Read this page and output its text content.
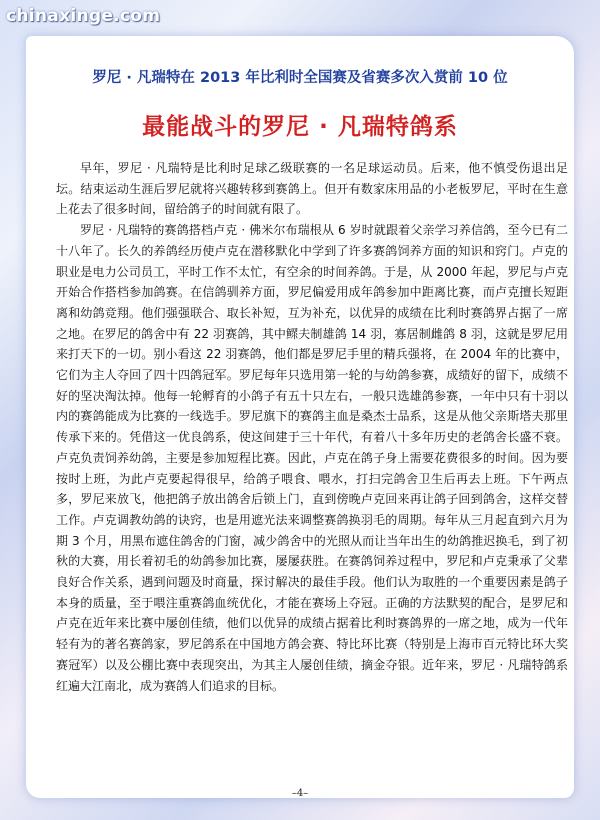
chinaxinge.com
罗尼 · 凡瑞特在 2013 年比利时全国赛及省赛多次入赏前 10 位
最能战斗的罗尼 · 凡瑞特鸽系

早年，罗尼 · 凡瑞特是比利时足球乙级联赛的一名足球运动员。后来，他不慎受伤退出足坛。结束运动生涯后罗尼就将兴趣转移到赛鸽上。但开有数家床用品的小老板罗尼，平时在生意上花去了很多时间，留给鸽子的时间就有限了。

罗尼 · 凡瑞特的赛鸽搭档卢克 · 佛米尔布瑞根从 6 岁时就跟着父亲学习养信鸽，至今已有二十八年了。长久的养鸽经历使卢克在潜移默化中学到了许多赛鸽饲养方面的知识和窍门。卢克的职业是电力公司员工，平时工作不太忙，有空余的时间养鸽。于是，从 2000 年起，罗尼与卢克开始合作搭档参加鸽赛。在信鸽驯养方面，罗尼偏爱用成年鸽参加中距离比赛，而卢克擅长短距离和幼鸽竞翔。他们强强联合、取长补短，互为补充，以优异的成绩在比利时赛鸽界占据了一席之地。在罗尼的鸽舍中有 22 羽赛鸽，其中鳏夫制雄鸽 14 羽，寡居制雌鸽 8 羽，这就是罗尼用来打天下的一切。别小看这 22 羽赛鸽，他们都是罗尼手里的精兵强将，在 2004 年的比赛中，它们为主人夺回了四十四鸽冠军。罗尼每年只选用第一轮的与幼鸽参赛，成绩好的留下，成绩不好的坚决淘汰掉。他每一轮孵育的小鸽子有五十只左右，一般只选雄鸽参赛，一年中只有十羽以内的赛鸽能成为比赛的一线选手。罗尼旗下的赛鸽主血是桑杰士品系，这是从他父亲斯塔夫那里传承下来的。凭借这一优良鸽系，使这间建于三十年代，有着八十多年历史的老鸽舍长盛不衰。卢克负责饲养幼鸽，主要是参加短程比赛。因此，卢克在鸽子身上需要花费很多的时间。因为要按时上班，为此卢克要起得很早，给鸽子喂食、喂水，打扫完鸽舍卫生后再去上班。下午两点多，罗尼来放飞，他把鸽子放出鸽舍后锁上门，直到傍晚卢克回来再让鸽子回到鸽舍，这样交替工作。卢克调教幼鸽的诀窍，也是用遮光法来调整赛鸽换羽毛的周期。每年从三月起直到六月为期 3 个月，用黑布遮住鸽舍的门窗，减少鸽舍中的光照从而让当年出生的幼鸽推迟换毛，到了初秋的大赛，用长着初毛的幼鸽参加比赛，屡屡获胜。在赛鸽饲养过程中，罗尼和卢克秉承了父辈良好合作关系，遇到问题及时商量，探讨解决的最佳手段。他们认为取胜的一个重要因素是鸽子本身的质量，至于喂注重赛鸽血统优化，才能在赛场上夺冠。正确的方法默契的配合，是罗尼和卢克在近年来比赛中屡创佳绩，他们以优异的成绩占据着比利时赛鸽界的一席之地，成为一代年轻有为的著名赛鸽家，罗尼鸽系在中国地方鸽会赛、特比环比赛（特别是上海市百元特比环大奖赛冠军）以及公棚比赛中表现突出，为其主人屡创佳绩，摘金夺银。近年来，罗尼 · 凡瑞特鸽系红遍大江南北，成为赛鸽人们追求的目标。

–4–
